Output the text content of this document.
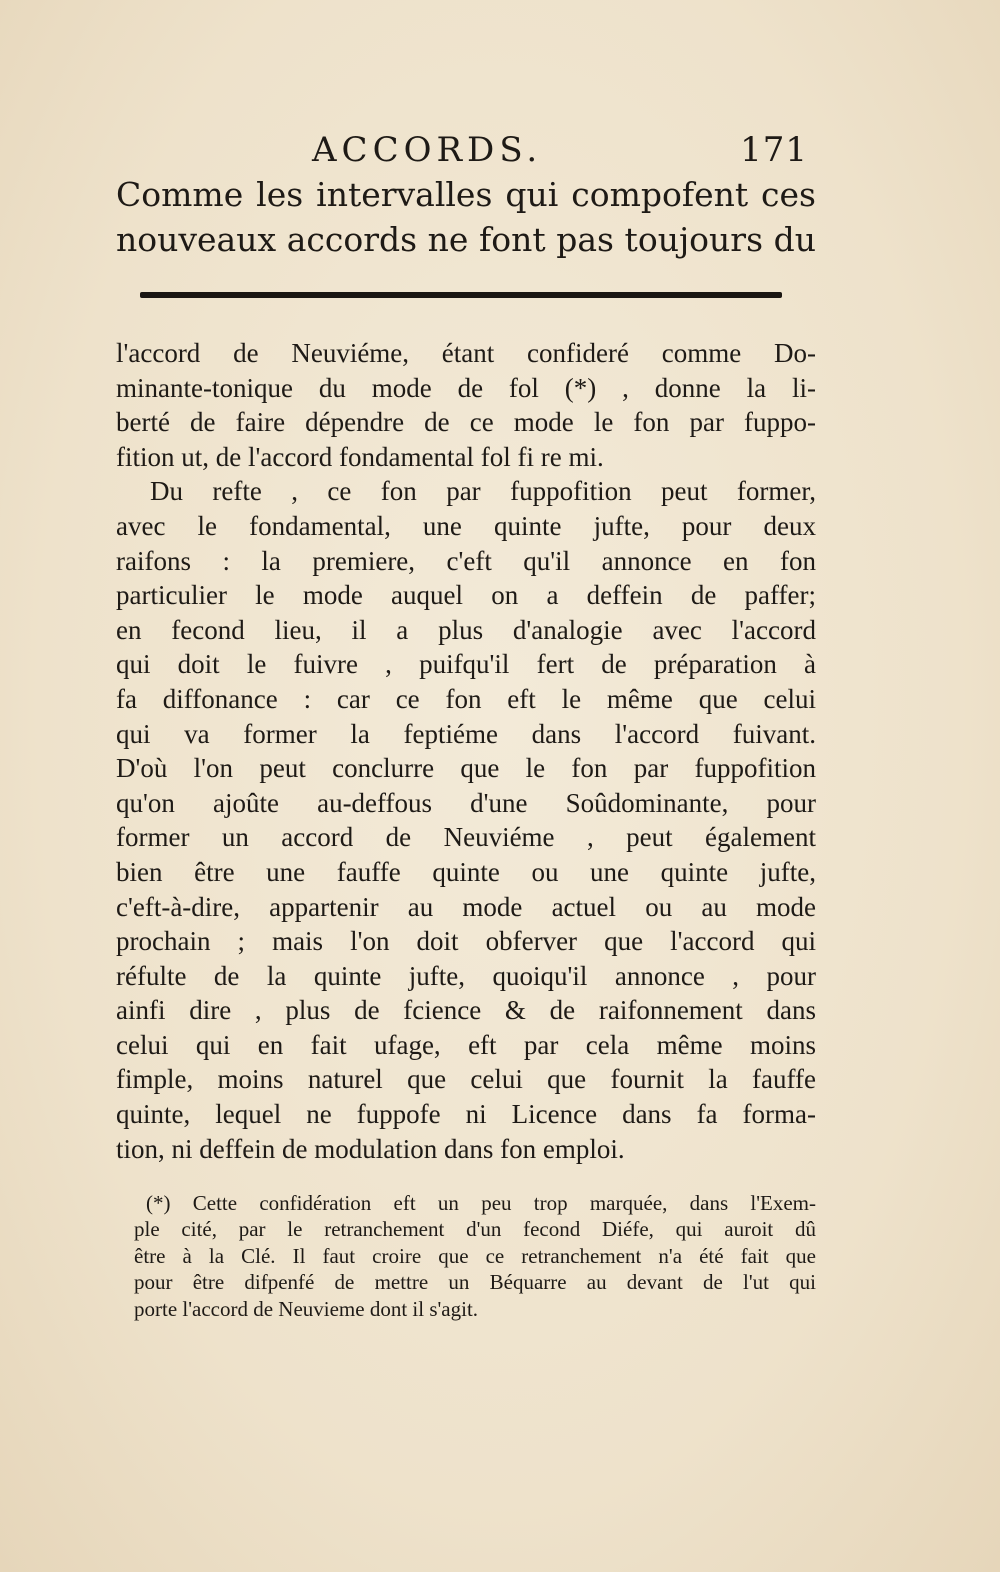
ACCORDS.	171
Comme les intervalles qui compofent ces
nouveaux accords ne font pas toujours du
l'accord de Neuviéme, étant confideré comme Do-
minante-tonique du mode de fol (*) , donne la li-
berté de faire dépendre de ce mode le fon par fuppo-
fition ut, de l'accord fondamental fol fi re mi.
Du refte , ce fon par fuppofition peut former,
avec le fondamental, une quinte jufte, pour deux
raifons : la premiere, c'eft qu'il annonce en fon
particulier le mode auquel on a deffein de paffer;
en fecond lieu, il a plus d'analogie avec l'accord
qui doit le fuivre , puifqu'il fert de préparation à
fa diffonance : car ce fon eft le même que celui
qui va former la feptiéme dans l'accord fuivant.
D'où l'on peut conclurre que le fon par fuppofition
qu'on ajoûte au-deffous d'une Soûdominante, pour
former un accord de Neuviéme , peut également
bien être une fauffe quinte ou une quinte jufte,
c'eft-à-dire, appartenir au mode actuel ou au mode
prochain ; mais l'on doit obferver que l'accord qui
réfulte de la quinte jufte, quoiqu'il annonce , pour
ainfi dire , plus de fcience & de raifonnement dans
celui qui en fait ufage, eft par cela même moins
fimple, moins naturel que celui que fournit la fauffe
quinte, lequel ne fuppofe ni Licence dans fa forma-
tion, ni deffein de modulation dans fon emploi.
(*) Cette confidération eft un peu trop marquée, dans l'Exem-
ple cité, par le retranchement d'un fecond Diéfe, qui auroit dû
être à la Clé. Il faut croire que ce retranchement n'a été fait que
pour être difpenfé de mettre un Béquarre au devant de l'ut qui
porte l'accord de Neuvieme dont il s'agit.
